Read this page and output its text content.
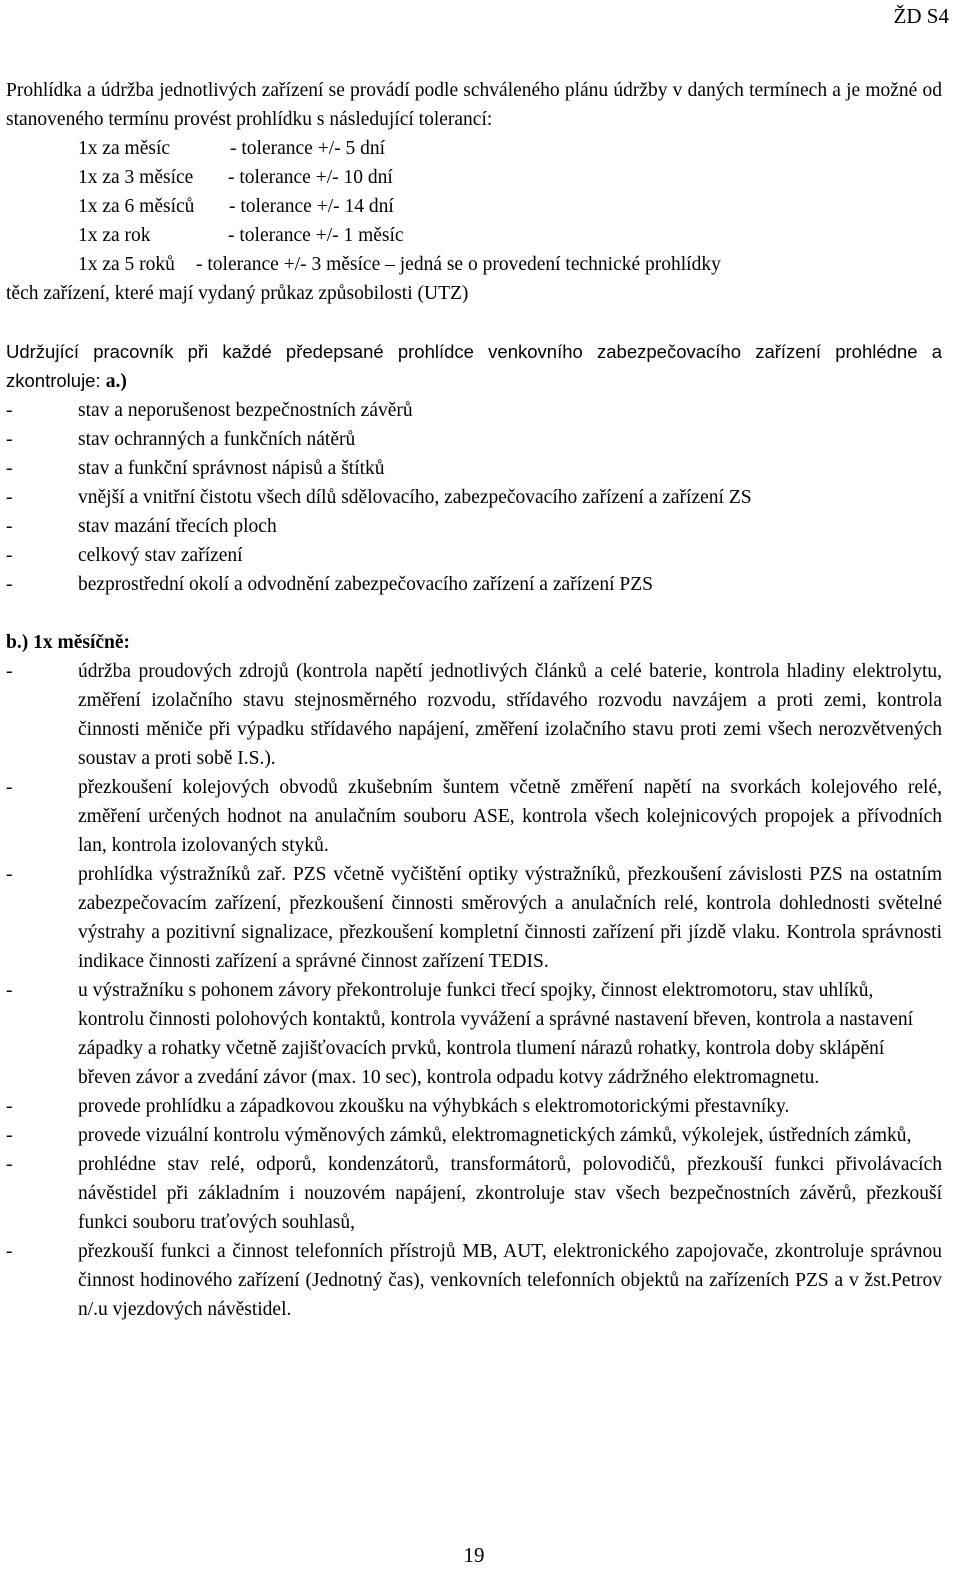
ŽD S4

Prohlídka a údržba jednotlivých zařízení se provádí podle schváleného plánu údržby v daných termínech a je možné od stanoveného termínu provést prohlídku s následující tolerancí:

1x za měsíc	- tolerance +/- 5 dní
1x za 3 měsíce - tolerance +/- 10 dní
1x za 6 měsíců - tolerance +/- 14 dní
1x za rok	- tolerance +/- 1 měsíc
1x za 5 roků - tolerance +/- 3 měsíce – jedná se o provedení technické prohlídky
těch zařízení, které mají vydaný průkaz způsobilosti (UTZ)

Udržující pracovník při každé předepsané prohlídce venkovního zabezpečovacího zařízení prohlédne a zkontroluje: a.)

-	stav a neporušenost bezpečnostních závěrů
-	stav ochranných a funkčních nátěrů
-	stav a funkční správnost nápisů a štítků
-	vnější a vnitřní čistotu všech dílů sdělovacího, zabezpečovacího zařízení a zařízení ZS
-	stav mazání třecích ploch
-	celkový stav zařízení
-	bezprostřední okolí a odvodnění zabezpečovacího zařízení a zařízení PZS

b.) 1x měsíčně:

-	údržba proudových zdrojů (kontrola napětí jednotlivých článků a celé baterie, kontrola hladiny elektrolytu, změření izolačního stavu stejnosměrného rozvodu, střídavého rozvodu navzájem a proti zemi, kontrola činnosti měniče při výpadku střídavého napájení, změření izolačního stavu proti zemi všech nerozvětvených soustav a proti sobě I.S.).
-	přezkoušení kolejových obvodů zkušebním šuntem včetně změření napětí na svorkách kolejového relé, změření určených hodnot na anulačním souboru ASE, kontrola všech kolejnicových propojek a přívodních lan, kontrola izolovaných styků.
-	prohlídka výstražníků zař. PZS včetně vyčištění optiky výstražníků, přezkoušení závislosti PZS na ostatním zabezpečovacím zařízení, přezkoušení činnosti směrových a anulačních relé, kontrola dohlednosti světelné výstrahy a pozitivní signalizace, přezkoušení kompletní činnosti zařízení při jízdě vlaku. Kontrola správnosti indikace činnosti zařízení a správné činnost zařízení TEDIS.
-	u výstražníku s pohonem závory překontroluje funkci třecí spojky, činnost elektromotoru, stav uhlíků, kontrolu činnosti polohových kontaktů, kontrola vyvážení a správné nastavení břeven, kontrola a nastavení západky a rohatky včetně zajišťovacích prvků, kontrola tlumení nárazů rohatky, kontrola doby sklápění břeven závor a zvedání závor (max. 10 sec), kontrola odpadu kotvy zádržného elektromagnetu.
-	provede prohlídku a západkovou zkoušku na výhybkách s elektromotorickými přestavníky.
-	provede vizuální kontrolu výměnových zámků, elektromagnetických zámků, výkolejek, ústředních zámků,
-	prohlédne stav relé, odporů, kondenzátorů, transformátorů, polovodičů, přezkouší funkci přivolávacích návěstidel při základním i nouzovém napájení, zkontroluje stav všech bezpečnostních závěrů, přezkouší funkci souboru traťových souhlasů,
-	přezkouší funkci a činnost telefonních přístrojů MB, AUT, elektronického zapojovače, zkontroluje správnou činnost hodinového zařízení (Jednotný čas), venkovních telefonních objektů na zařízeních PZS a v žst.Petrov n/.u vjezdových návěstidel.
19
